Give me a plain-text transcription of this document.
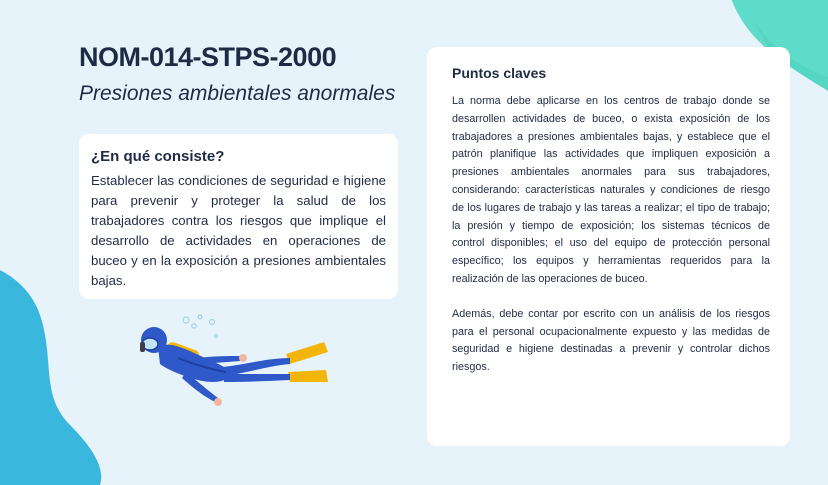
NOM-014-STPS-2000

Presiones ambientales anormales

¿En qué consiste?

Establecer las condiciones de seguridad e higiene para prevenir y proteger la salud de los trabajadores contra los riesgos que implique el desarrollo de actividades en operaciones de buceo y en la exposición a presiones ambientales bajas.

Puntos claves

La norma debe aplicarse en los centros de trabajo donde se desarrollen actividades de buceo, o exista exposición de los trabajadores a presiones ambientales bajas, y establece que el patrón planifique las actividades que impliquen exposición a presiones ambientales anormales para sus trabajadores, considerando: características naturales y condiciones de riesgo de los lugares de trabajo y las tareas a realizar; el tipo de trabajo; la presión y tiempo de exposición; los sistemas técnicos de control disponibles; el uso del equipo de protección personal específico; los equipos y herramientas requeridos para la realización de las operaciones de buceo.

Además, debe contar por escrito con un análisis de los riesgos para el personal ocupacionalmente expuesto y las medidas de seguridad e higiene destinadas a prevenir y controlar dichos riesgos.
